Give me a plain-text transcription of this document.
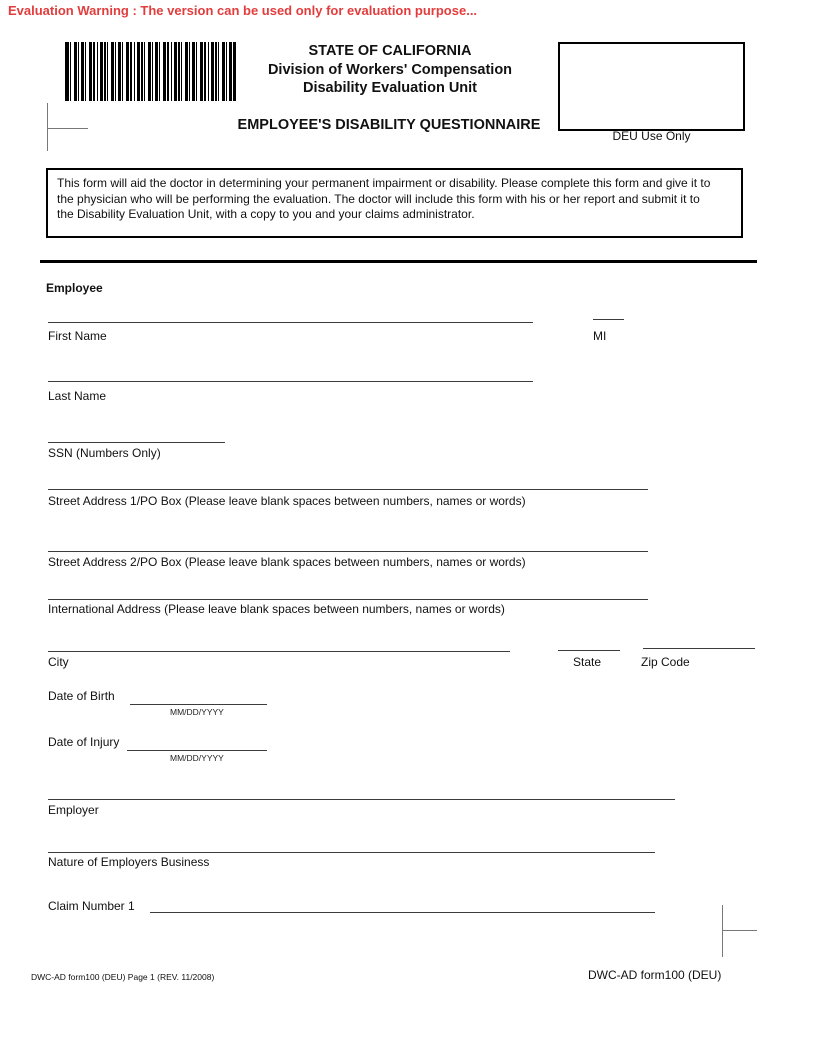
Evaluation Warning : The version can be used only for evaluation purpose...
STATE OF CALIFORNIA
Division of Workers' Compensation
Disability Evaluation Unit
EMPLOYEE'S DISABILITY QUESTIONNAIRE
DEU Use Only
This form will aid the doctor in determining your permanent impairment or disability. Please complete this form and give it to the physician who will be performing the evaluation. The doctor will include this form with his or her report and submit it to the Disability Evaluation Unit, with a copy to you and your claims administrator.
Employee
First Name	MI
Last Name
SSN (Numbers Only)
Street Address 1/PO Box (Please leave blank spaces between numbers, names or words)
Street Address 2/PO Box (Please leave blank spaces between numbers, names or words)
International Address (Please leave blank spaces between numbers, names or words)
City	State	Zip Code
Date of Birth
MM/DD/YYYY
Date of Injury
MM/DD/YYYY
Employer
Nature of Employers Business
Claim Number 1
DWC-AD form100 (DEU) Page 1 (REV. 11/2008)	DWC-AD form100 (DEU)
